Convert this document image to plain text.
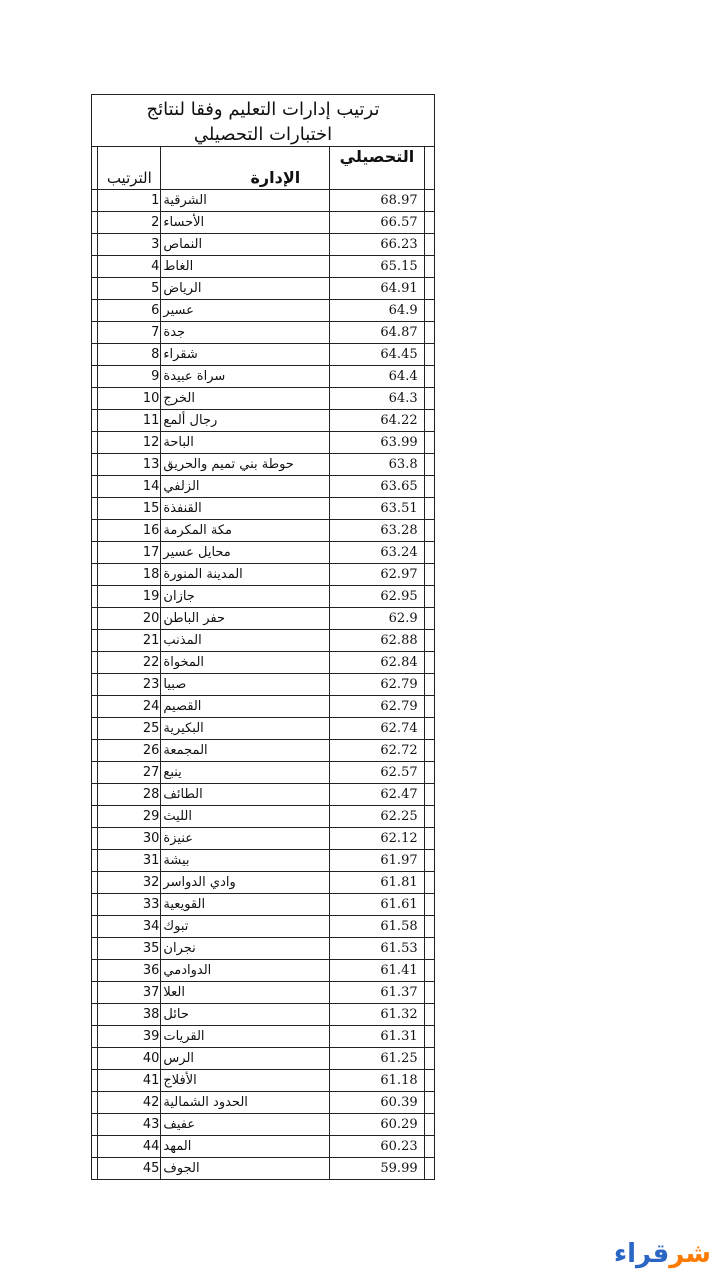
ترتيب إدارات التعليم وفقا لنتائج اختبارات التحصيلي
	الترتيب	الإدارة	التحصيلي	
	1	الشرقية	68.97	
	2	الأحساء	66.57	
	3	النماص	66.23	
	4	الغاط	65.15	
	5	الرياض	64.91	
	6	عسير	64.9	
	7	جدة	64.87	
	8	شقراء	64.45	
	9	سراة عبيدة	64.4	
	10	الخرج	64.3	
	11	رجال ألمع	64.22	
	12	الباحة	63.99	
	13	حوطة بني تميم والحريق	63.8	
	14	الزلفي	63.65	
	15	القنفذة	63.51	
	16	مكة المكرمة	63.28	
	17	محايل عسير	63.24	
	18	المدينة المنورة	62.97	
	19	جازان	62.95	
	20	حفر الباطن	62.9	
	21	المذنب	62.88	
	22	المخواة	62.84	
	23	صبيا	62.79	
	24	القصيم	62.79	
	25	البكيرية	62.74	
	26	المجمعة	62.72	
	27	ينبع	62.57	
	28	الطائف	62.47	
	29	الليث	62.25	
	30	عنيزة	62.12	
	31	بيشة	61.97	
	32	وادي الدواسر	61.81	
	33	القويعية	61.61	
	34	تبوك	61.58	
	35	نجران	61.53	
	36	الدوادمي	61.41	
	37	العلا	61.37	
	38	حائل	61.32	
	39	القريات	61.31	
	40	الرس	61.25	
	41	الأفلاج	61.18	
	42	الحدود الشمالية	60.39	
	43	عفيف	60.29	
	44	المهد	60.23	
	45	الجوف	59.99	
شر
قراء
